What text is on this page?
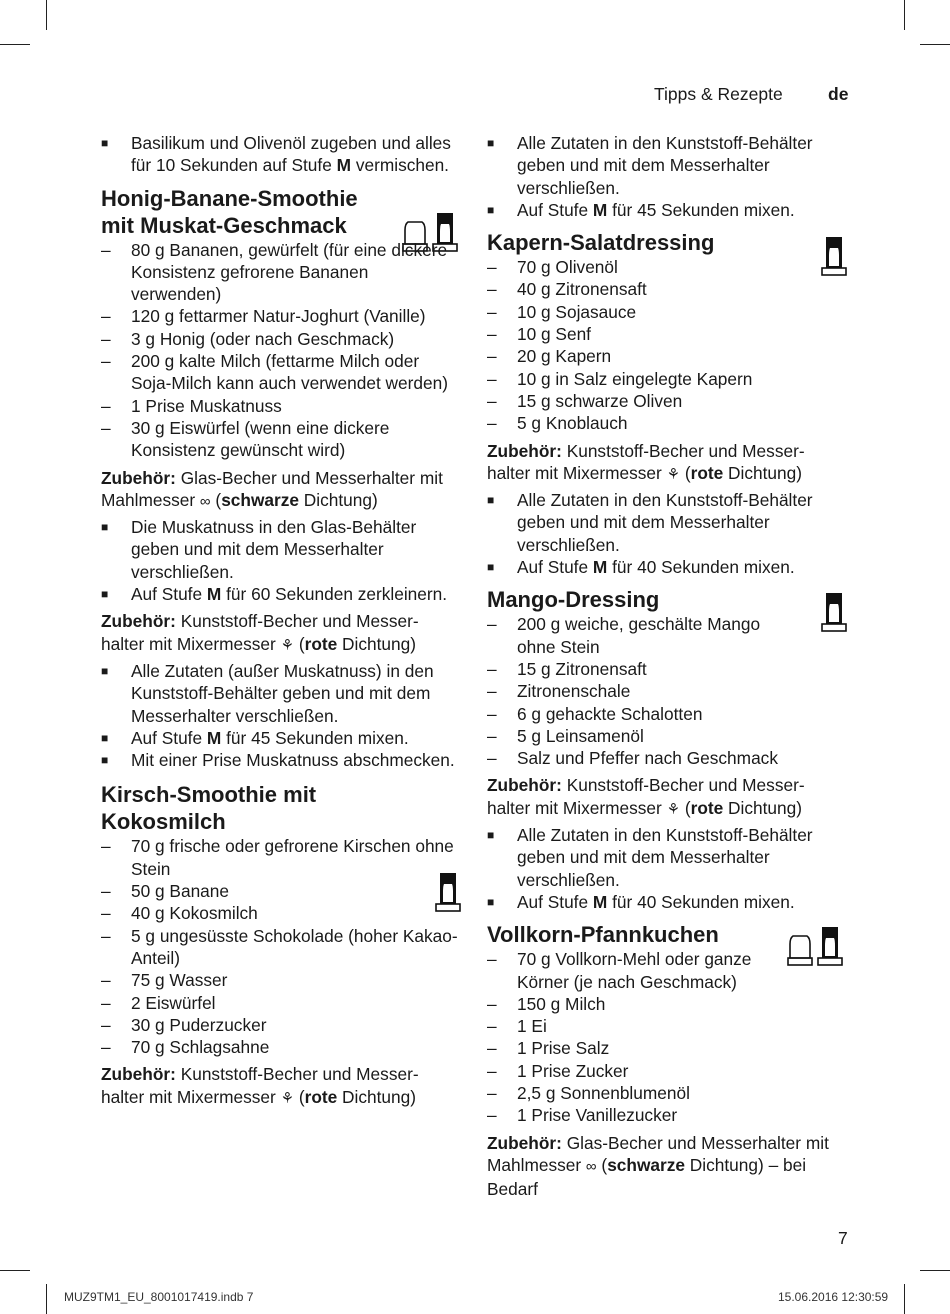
Tipps & Rezepte	de
■ Basilikum und Olivenöl zugeben und alles für 10 Sekunden auf Stufe M vermischen.
Honig-Banane-Smoothie
mit Muskat-Geschmack
– 80 g Bananen, gewürfelt (für eine dickere Konsistenz gefrorene Bananen verwenden)
– 120 g fettarmer Natur-Joghurt (Vanille)
– 3 g Honig (oder nach Geschmack)
– 200 g kalte Milch (fettarme Milch oder Soja-Milch kann auch verwendet werden)
– 1 Prise Muskatnuss
– 30 g Eiswürfel (wenn eine dickere Konsistenz gewünscht wird)
Zubehör: Glas-Becher und Messerhalter mit Mahlmesser ∞ (schwarze Dichtung)
■ Die Muskatnuss in den Glas-Behälter geben und mit dem Messerhalter verschließen.
■ Auf Stufe M für 60 Sekunden zerkleinern.
Zubehör: Kunststoff-Becher und Messer-halter mit Mixermesser ⚘ (rote Dichtung)
■ Alle Zutaten (außer Muskatnuss) in den Kunststoff-Behälter geben und mit dem Messerhalter verschließen.
■ Auf Stufe M für 45 Sekunden mixen.
■ Mit einer Prise Muskatnuss abschmecken.
Kirsch-Smoothie mit
Kokosmilch
– 70 g frische oder gefrorene Kirschen ohne Stein
– 50 g Banane
– 40 g Kokosmilch
– 5 g ungesüsste Schokolade (hoher Kakao-Anteil)
– 75 g Wasser
– 2 Eiswürfel
– 30 g Puderzucker
– 70 g Schlagsahne
Zubehör: Kunststoff-Becher und Messer-halter mit Mixermesser ⚘ (rote Dichtung)
■ Alle Zutaten in den Kunststoff-Behälter geben und mit dem Messerhalter verschließen.
■ Auf Stufe M für 45 Sekunden mixen.
Kapern-Salatdressing
– 70 g Olivenöl
– 40 g Zitronensaft
– 10 g Sojasauce
– 10 g Senf
– 20 g Kapern
– 10 g in Salz eingelegte Kapern
– 15 g schwarze Oliven
– 5 g Knoblauch
Zubehör: Kunststoff-Becher und Messer-halter mit Mixermesser ⚘ (rote Dichtung)
■ Alle Zutaten in den Kunststoff-Behälter geben und mit dem Messerhalter verschließen.
■ Auf Stufe M für 40 Sekunden mixen.
Mango-Dressing
– 200 g weiche, geschälte Mango ohne Stein
– 15 g Zitronensaft
– Zitronenschale
– 6 g gehackte Schalotten
– 5 g Leinsamenöl
– Salz und Pfeffer nach Geschmack
Zubehör: Kunststoff-Becher und Messer-halter mit Mixermesser ⚘ (rote Dichtung)
■ Alle Zutaten in den Kunststoff-Behälter geben und mit dem Messerhalter verschließen.
■ Auf Stufe M für 40 Sekunden mixen.
Vollkorn-Pfannkuchen
– 70 g Vollkorn-Mehl oder ganze Körner (je nach Geschmack)
– 150 g Milch
– 1 Ei
– 1 Prise Salz
– 1 Prise Zucker
– 2,5 g Sonnenblumenöl
– 1 Prise Vanillezucker
Zubehör: Glas-Becher und Messerhalter mit Mahlmesser ∞ (schwarze Dichtung) – bei Bedarf
7
MUZ9TM1_EU_8001017419.indb 7	15.06.2016 12:30:59
